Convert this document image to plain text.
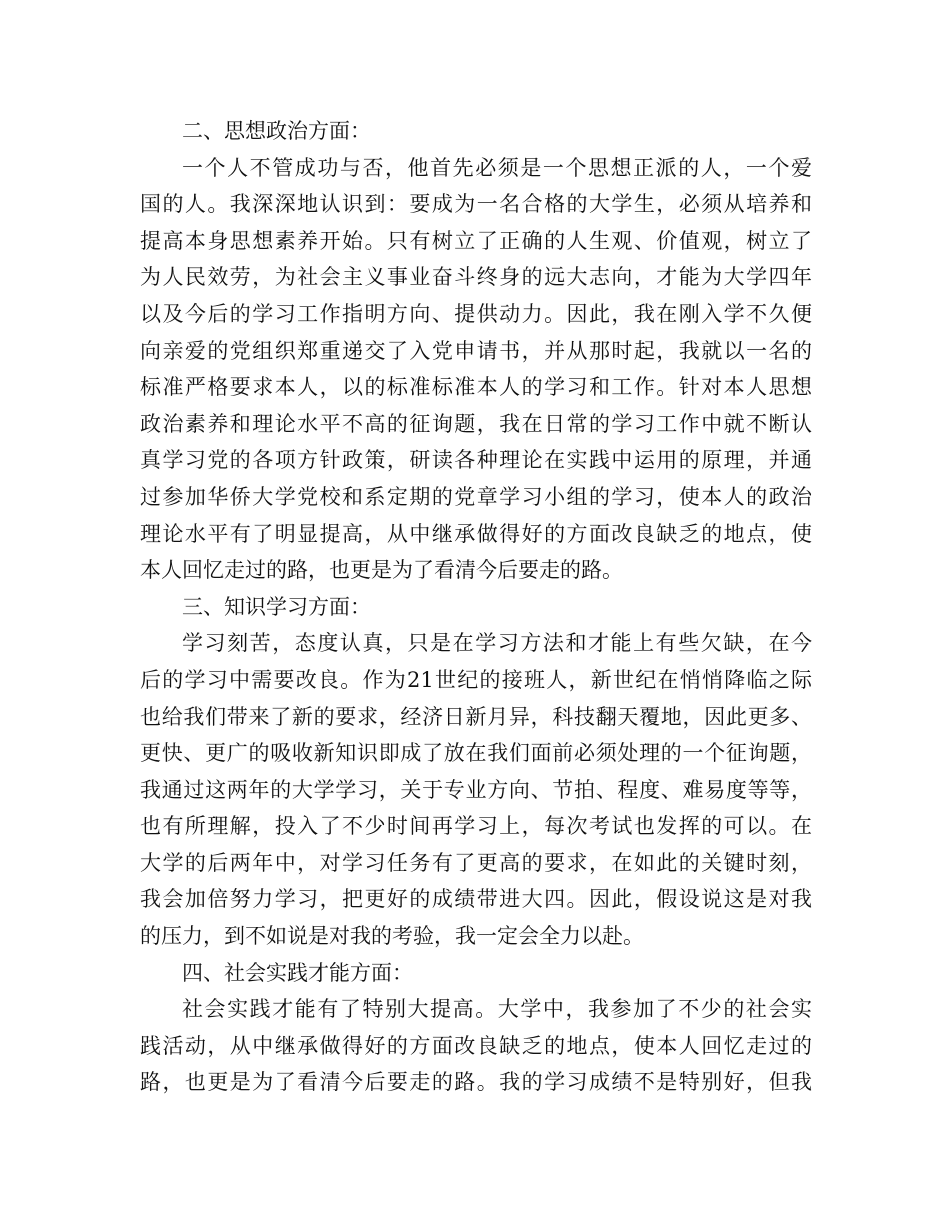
二、思想政治方面：
一个人不管成功与否，他首先必须是一个思想正派的人，一个爱
国的人。我深深地认识到：要成为一名合格的大学生，必须从培养和
提高本身思想素养开始。只有树立了正确的人生观、价值观，树立了
为人民效劳，为社会主义事业奋斗终身的远大志向，才能为大学四年
以及今后的学习工作指明方向、提供动力。因此，我在刚入学不久便
向亲爱的党组织郑重递交了入党申请书，并从那时起，我就以一名的
标准严格要求本人，以的标准标准本人的学习和工作。针对本人思想
政治素养和理论水平不高的征询题，我在日常的学习工作中就不断认
真学习党的各项方针政策，研读各种理论在实践中运用的原理，并通
过参加华侨大学党校和系定期的党章学习小组的学习，使本人的政治
理论水平有了明显提高，从中继承做得好的方面改良缺乏的地点，使
本人回忆走过的路，也更是为了看清今后要走的路。
三、知识学习方面：
学习刻苦，态度认真，只是在学习方法和才能上有些欠缺，在今
后的学习中需要改良。作为21世纪的接班人，新世纪在悄悄降临之际
也给我们带来了新的要求，经济日新月异，科技翻天覆地，因此更多、
更快、更广的吸收新知识即成了放在我们面前必须处理的一个征询题，
我通过这两年的大学学习，关于专业方向、节拍、程度、难易度等等，
也有所理解，投入了不少时间再学习上，每次考试也发挥的可以。在
大学的后两年中，对学习任务有了更高的要求，在如此的关键时刻，
我会加倍努力学习，把更好的成绩带进大四。因此，假设说这是对我
的压力，到不如说是对我的考验，我一定会全力以赴。
四、社会实践才能方面：
社会实践才能有了特别大提高。大学中，我参加了不少的社会实
践活动，从中继承做得好的方面改良缺乏的地点，使本人回忆走过的
路，也更是为了看清今后要走的路。我的学习成绩不是特别好，但我
